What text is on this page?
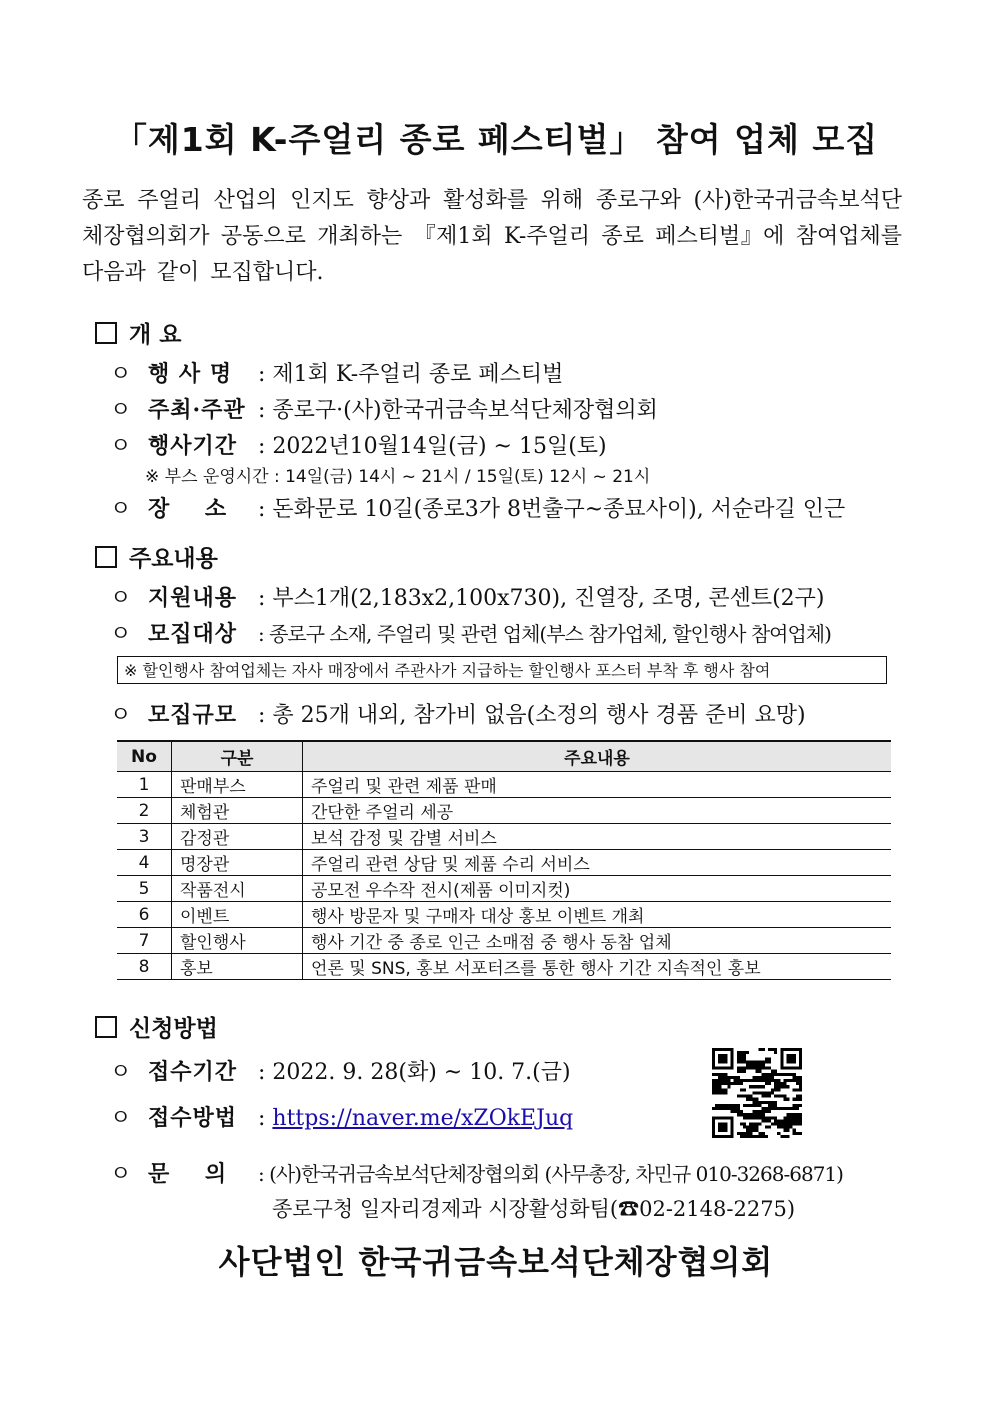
「제1회 K-주얼리 종로 페스티벌」 참여 업체 모집
종로 주얼리 산업의 인지도 향상과 활성화를 위해 종로구와 (사)한국귀금속보석단체장협의회가 공동으로 개최하는 『제1회 K-주얼리 종로 페스티벌』에 참여업체를 다음과 같이 모집합니다.
개 요
ㅇ 행 사 명 : 제1회 K-주얼리 종로 페스티벌
ㅇ 주최·주관 : 종로구·(사)한국귀금속보석단체장협의회
ㅇ 행사기간 : 2022년10월14일(금) ~ 15일(토)
※ 부스 운영시간 : 14일(금) 14시 ~ 21시 / 15일(토) 12시 ~ 21시
ㅇ 장    소 : 돈화문로 10길(종로3가 8번출구~종묘사이), 서순라길 인근
주요내용
ㅇ 지원내용 : 부스1개(2,183x2,100x730), 진열장, 조명, 콘센트(2구)
ㅇ 모집대상 : 종로구 소재, 주얼리 및 관련 업체(부스 참가업체, 할인행사 참여업체)
※ 할인행사 참여업체는 자사 매장에서 주관사가 지급하는 할인행사 포스터 부착 후 행사 참여
ㅇ 모집규모 : 총 25개 내외, 참가비 없음(소정의 행사 경품 준비 요망)
No	구분	주요내용
1	판매부스	주얼리 및 관련 제품 판매
2	체험관	간단한 주얼리 세공
3	감정관	보석 감정 및 감별 서비스
4	명장관	주얼리 관련 상담 및 제품 수리 서비스
5	작품전시	공모전 우수작 전시(제품 이미지컷)
6	이벤트	행사 방문자 및 구매자 대상 홍보 이벤트 개최
7	할인행사	행사 기간 중 종로 인근 소매점 중 행사 동참 업체
8	홍보	언론 및 SNS, 홍보 서포터즈를 통한 행사 기간 지속적인 홍보
신청방법
ㅇ 접수기간 : 2022. 9. 28(화) ~ 10. 7.(금)
ㅇ 접수방법 : https://naver.me/xZOkEJuq
ㅇ 문    의 : (사)한국귀금속보석단체장협의회 (사무총장, 차민규 010-3268-6871)
종로구청 일자리경제과 시장활성화팀(☎02-2148-2275)
사단법인 한국귀금속보석단체장협의회
